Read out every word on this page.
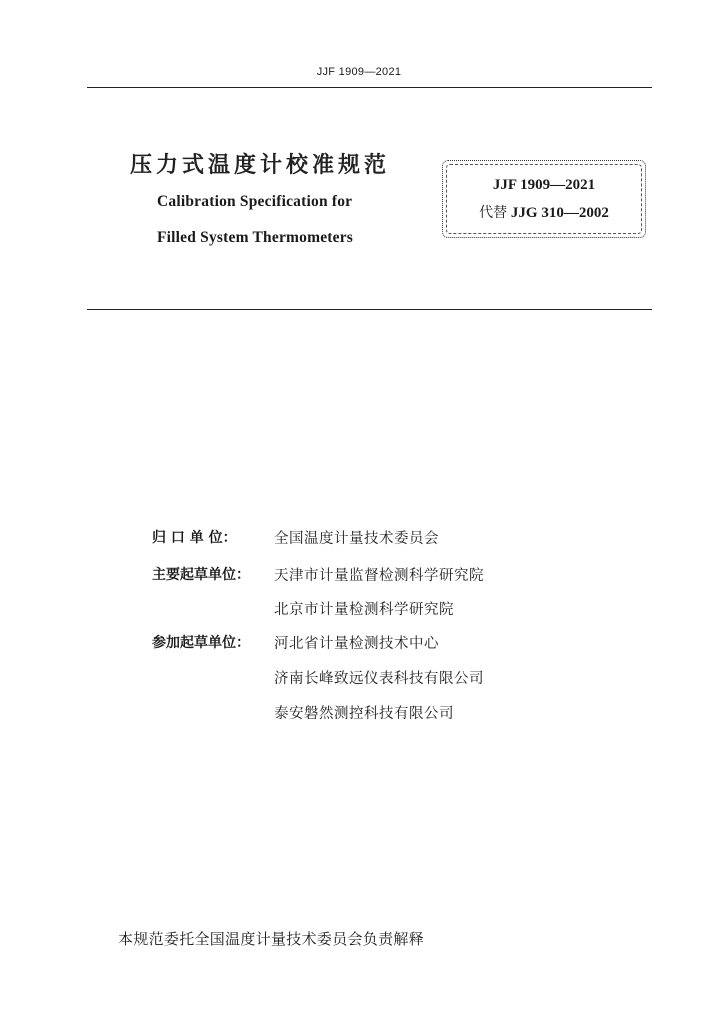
JJF 1909—2021
压力式温度计校准规范
Calibration Specification for
Filled System Thermometers
JJF 1909—2021
代替 JJG 310—2002
归 口 单 位：	全国温度计量技术委员会
主要起草单位： 天津市计量监督检测科学研究院
北京市计量检测科学研究院
参加起草单位： 河北省计量检测技术中心
济南长峰致远仪表科技有限公司
泰安磐然测控科技有限公司
本规范委托全国温度计量技术委员会负责解释
